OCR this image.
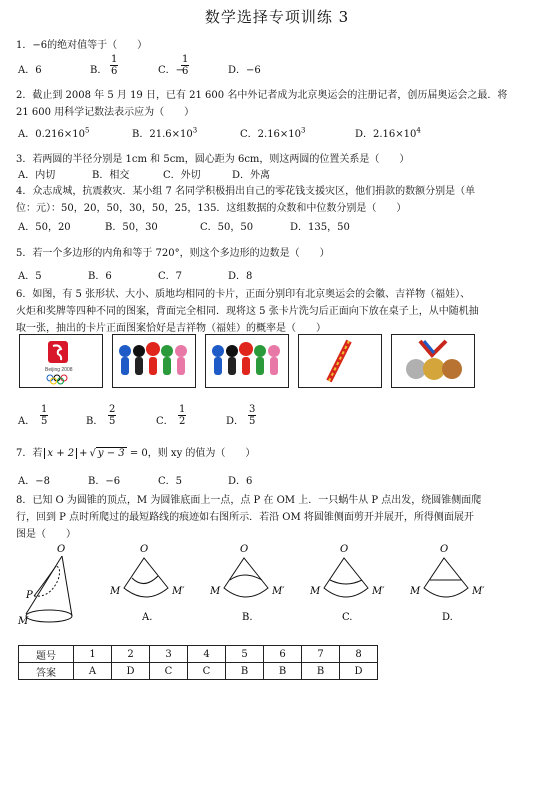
数学选择专项训练 3
1．−6的绝对值等于（　　）
A．6	B． $\frac{1}{6}$	C．−
$\frac{1}{6}$	D．−6
2．截止到 2008 年 5 月 19 日，已有 21 600 名中外记者成为北京奥运会的注册记者，创历届奥运会之最．将
21 600 用科学记数法表示应为（　　）
A．$0.216\times 10^5$	B．$21.6\times 10^3$	C．$2.16\times 10^3$	D．$2.16\times 10^4$
3．若两圆的半径分别是 1cm 和 5cm，圆心距为 6cm，则这两圆的位置关系是（　　）
A．内切	B．相交	C．外切	D．外离
4．众志成城，抗震救灾．某小组 7 名同学积极捐出自己的零花钱支援灾区，他们捐款的数额分别是（单
位：元）：50，20，50，30，50，25，135．这组数据的众数和中位数分别是（　　）
A．50，20	B．50，30	C．50，50	D．135，50
5．若一个多边形的内角和等于 720°，则这个多边形的边数是（　　）
A．5	B．6	C．7	D．8
6．如图，有 5 张形状、大小、质地均相同的卡片，正面分别印有北京奥运会的会徽、吉祥物（福娃）、
火炬和奖牌等四种不同的图案，背面完全相同．现将这 5 张卡片洗匀后正面向下放在桌子上，从中随机抽
取一张，抽出的卡片正面图案恰好是吉祥物（福娃）的概率是（　　）
Beijing 2008
A． $\frac{1}{5}$	B． $\frac{2}{5}$	C． $\frac{1}{2}$	D． $\frac{3}{5}$
7．若 x + 2 + √ y − 3 = 0，则 xy 的值为（　　）
A．−8	B．−6	C．5	D．6
8．已知 O 为圆锥的顶点，M 为圆锥底面上一点，点 P 在 OM 上．一只蜗牛从 P 点出发，绕圆锥侧面爬
行，回到 P 点时所爬过的最短路线的痕迹如右图所示．若沿 OM 将圆锥侧面剪开并展开，所得侧面展开
图是（　　）
O
P
M
O
M	M′
A.
O
M	M′
B.
O
M	M′
C.
O
M	M′
D.
题号	1	2	3	4	5	6	7	8
答案	A	D	C	C	B	B	B	D
